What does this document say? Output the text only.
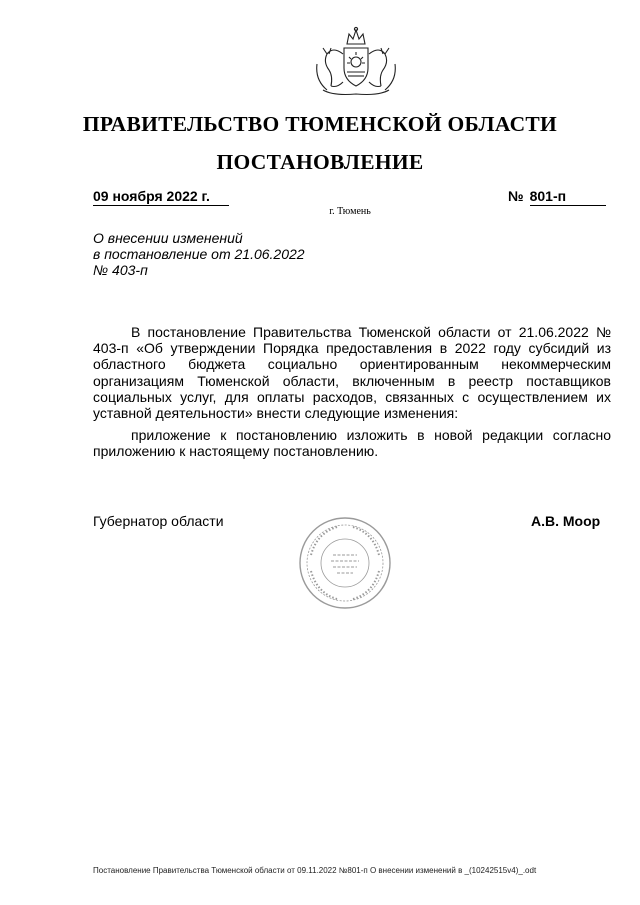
ПРАВИТЕЛЬСТВО ТЮМЕНСКОЙ ОБЛАСТИ
ПОСТАНОВЛЕНИЕ
09 ноября 2022 г.	№ 801-п
г. Тюмень
О внесении изменений
в постановление от 21.06.2022
№ 403-п

В постановление Правительства Тюменской области от 21.06.2022 № 403-п «Об утверждении Порядка предоставления в 2022 году субсидий из областного бюджета социально ориентированным некоммерческим организациям Тюменской области, включенным в реестр поставщиков социальных услуг, для оплаты расходов, связанных с осуществлением их уставной деятельности» внести следующие изменения:

приложение к постановлению изложить в новой редакции согласно приложению к настоящему постановлению.

Губернатор области	А.В. Моор
Постановление Правительства Тюменской области от 09.11.2022 №801-п О внесении изменений в _(10242515v4)_.odt
